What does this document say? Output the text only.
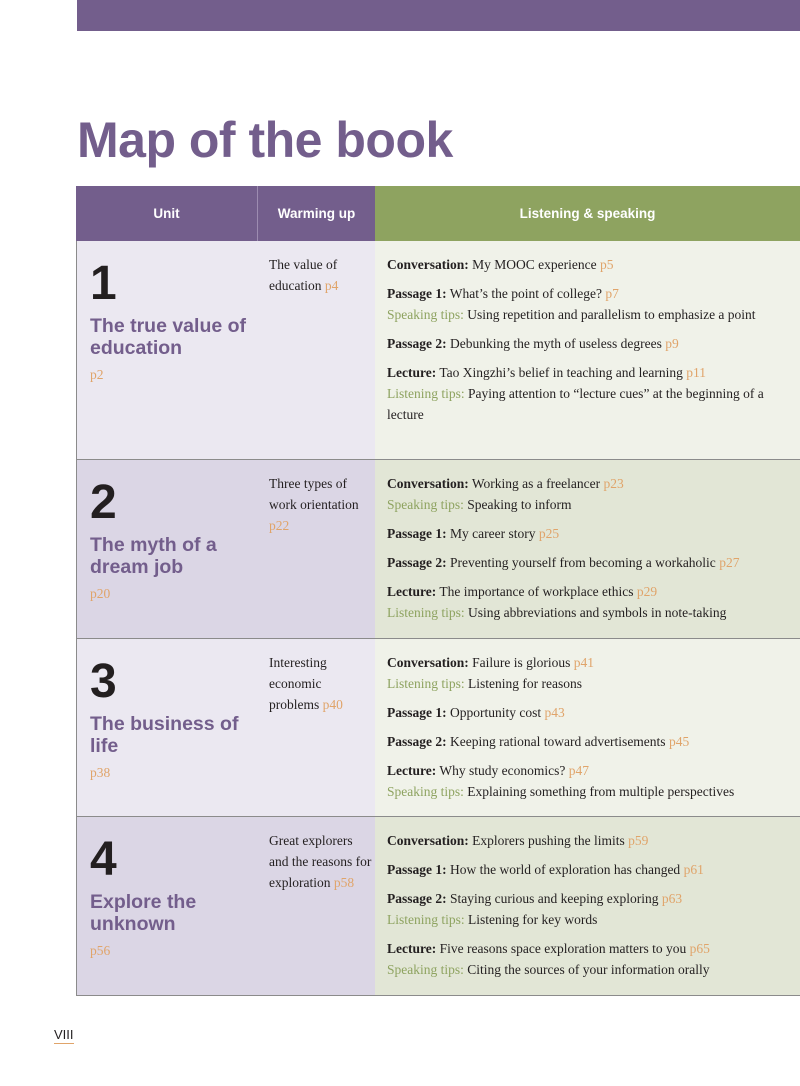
Map of the book
Unit	Warming up	Listening & speaking
1
The true value of education
p2
The value of education p4
Conversation: My MOOC experience p5
Passage 1: What’s the point of college? p7
Speaking tips: Using repetition and parallelism to emphasize a point
Passage 2: Debunking the myth of useless degrees p9
Lecture: Tao Xingzhi’s belief in teaching and learning p11
Listening tips: Paying attention to “lecture cues” at the beginning of a lecture
2
The myth of a dream job
p20
Three types of work orientation p22
Conversation: Working as a freelancer p23
Speaking tips: Speaking to inform
Passage 1: My career story p25
Passage 2: Preventing yourself from becoming a workaholic p27
Lecture: The importance of workplace ethics p29
Listening tips: Using abbreviations and symbols in note-taking
3
The business of life
p38
Interesting economic problems p40
Conversation: Failure is glorious p41
Listening tips: Listening for reasons
Passage 1: Opportunity cost p43
Passage 2: Keeping rational toward advertisements p45
Lecture: Why study economics? p47
Speaking tips: Explaining something from multiple perspectives
4
Explore the unknown
p56
Great explorers and the reasons for exploration p58
Conversation: Explorers pushing the limits p59
Passage 1: How the world of exploration has changed p61
Passage 2: Staying curious and keeping exploring p63
Listening tips: Listening for key words
Lecture: Five reasons space exploration matters to you p65
Speaking tips: Citing the sources of your information orally
VIII
